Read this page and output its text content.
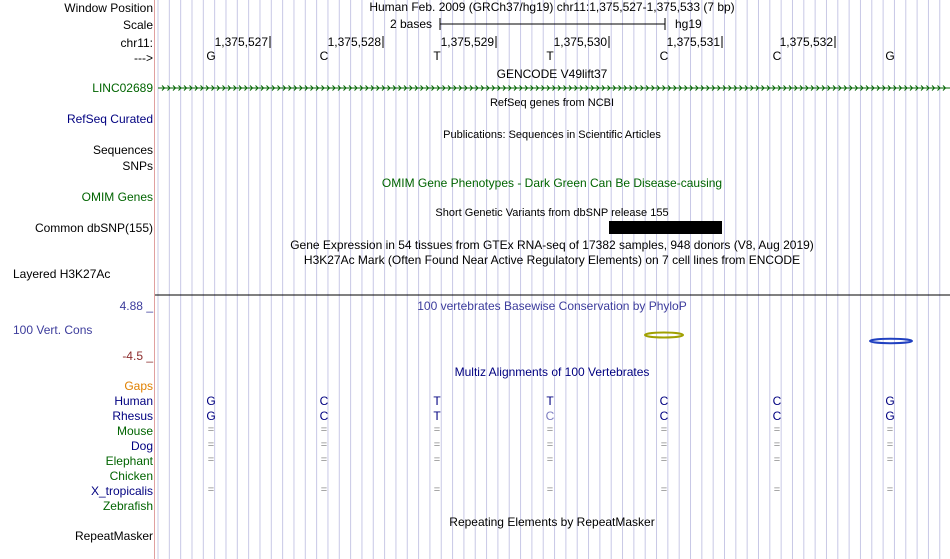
Window Position
Scale
chr11:
--->
Human Feb. 2009 (GRCh37/hg19) chr11:1,375,527-1,375,533 (7 bp)
2 bases	hg19
1,375,527	1,375,528	1,375,529	1,375,530	1,375,531	1,375,532
G	C	T	T	C	C	G
GENCODE V49lift37
LINC02689
RefSeq genes from NCBI
RefSeq Curated
Publications: Sequences in Scientific Articles
Sequences
SNPs
OMIM Gene Phenotypes - Dark Green Can Be Disease-causing
OMIM Genes
Short Genetic Variants from dbSNP release 155
Common dbSNP(155)
Gene Expression in 54 tissues from GTEx RNA-seq of 17382 samples, 948 donors (V8, Aug 2019)
H3K27Ac Mark (Often Found Near Active Regulatory Elements) on 7 cell lines from ENCODE
Layered H3K27Ac
100 vertebrates Basewise Conservation by PhyloP
4.88 _
100 Vert. Cons
-4.5 _
Multiz Alignments of 100 Vertebrates
Gaps
Human	G	C	T	T	C	C	G
Rhesus	G	C	T	C	C	C	G
Mouse	=	=	=	=	=	=	=
Dog	=	=	=	=	=	=	=
Elephant	=	=	=	=	=	=	=
Chicken
X_tropicalis	=	=	=	=	=	=	=
Zebrafish
Repeating Elements by RepeatMasker
RepeatMasker
